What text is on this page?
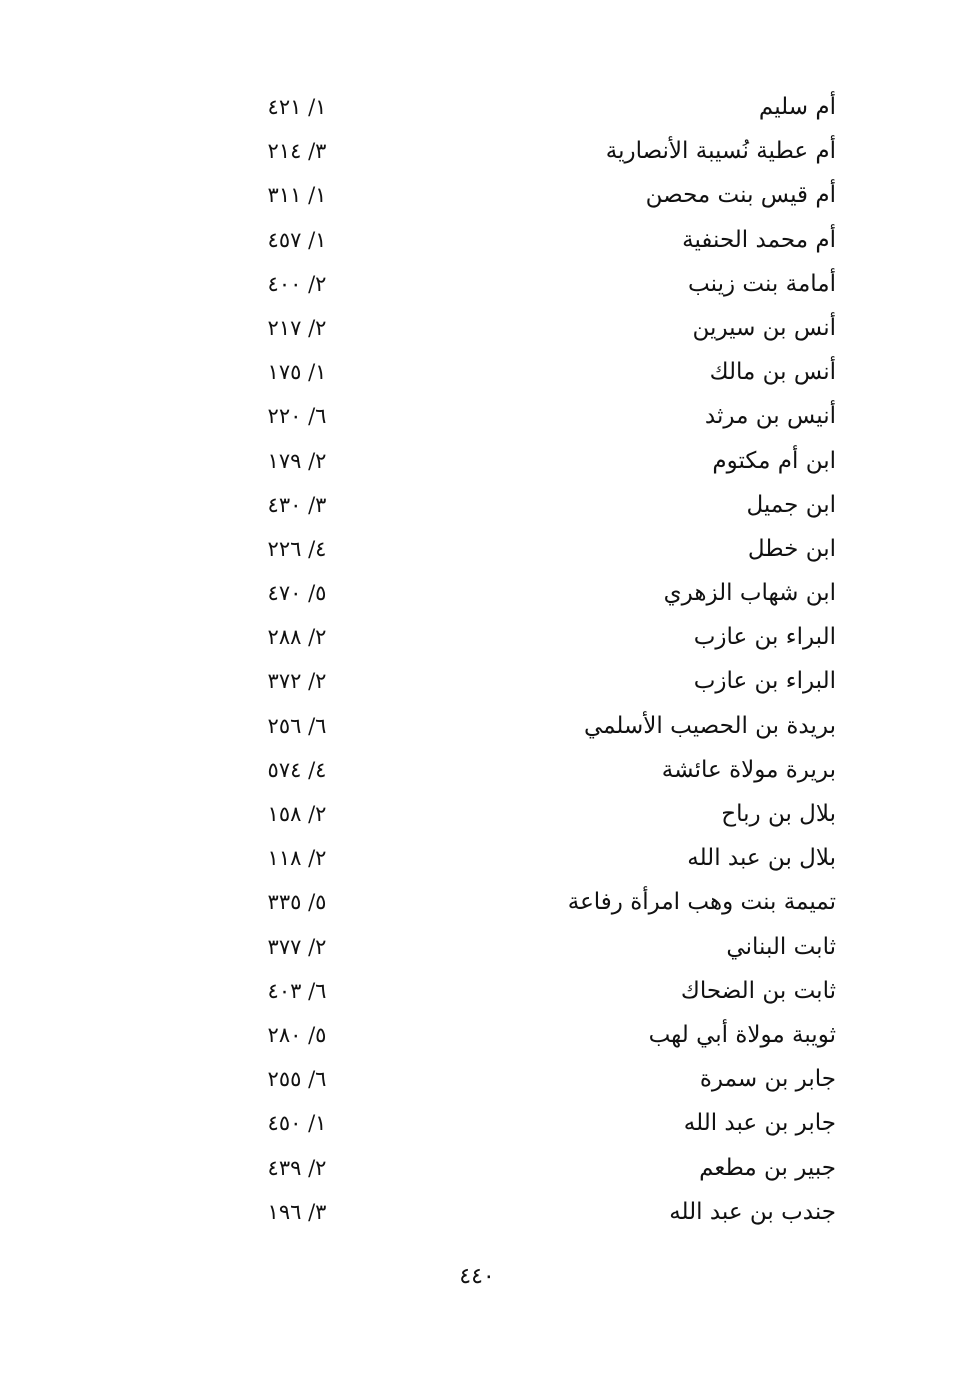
أم سليم
١/ ٤٢١
أم عطية نُسيبة الأنصارية
٣/ ٢١٤
أم قيس بنت محصن
١/ ٣١١
أم محمد الحنفية
١/ ٤٥٧
أمامة بنت زينب
٢/ ٤٠٠
أنس بن سيرين
٢/ ٢١٧
أنس بن مالك
١/ ١٧٥
أنيس بن مرثد
٦/ ٢٢٠
ابن أم مكتوم
٢/ ١٧٩
ابن جميل
٣/ ٤٣٠
ابن خطل
٤/ ٢٢٦
ابن شهاب الزهري
٥/ ٤٧٠
البراء بن عازب
٢/ ٢٨٨
البراء بن عازب
٢/ ٣٧٢
بريدة بن الحصيب الأسلمي
٦/ ٢٥٦
بريرة مولاة عائشة
٤/ ٥٧٤
بلال بن رباح
٢/ ١٥٨
بلال بن عبد الله
٢/ ١١٨
تميمة بنت وهب امرأة رفاعة
٥/ ٣٣٥
ثابت البناني
٢/ ٣٧٧
ثابت بن الضحاك
٦/ ٤٠٣
ثويبة مولاة أبي لهب
٥/ ٢٨٠
جابر بن سمرة
٦/ ٢٥٥
جابر بن عبد الله
١/ ٤٥٠
جبير بن مطعم
٢/ ٤٣٩
جندب بن عبد الله
٣/ ١٩٦
٤٤٠
